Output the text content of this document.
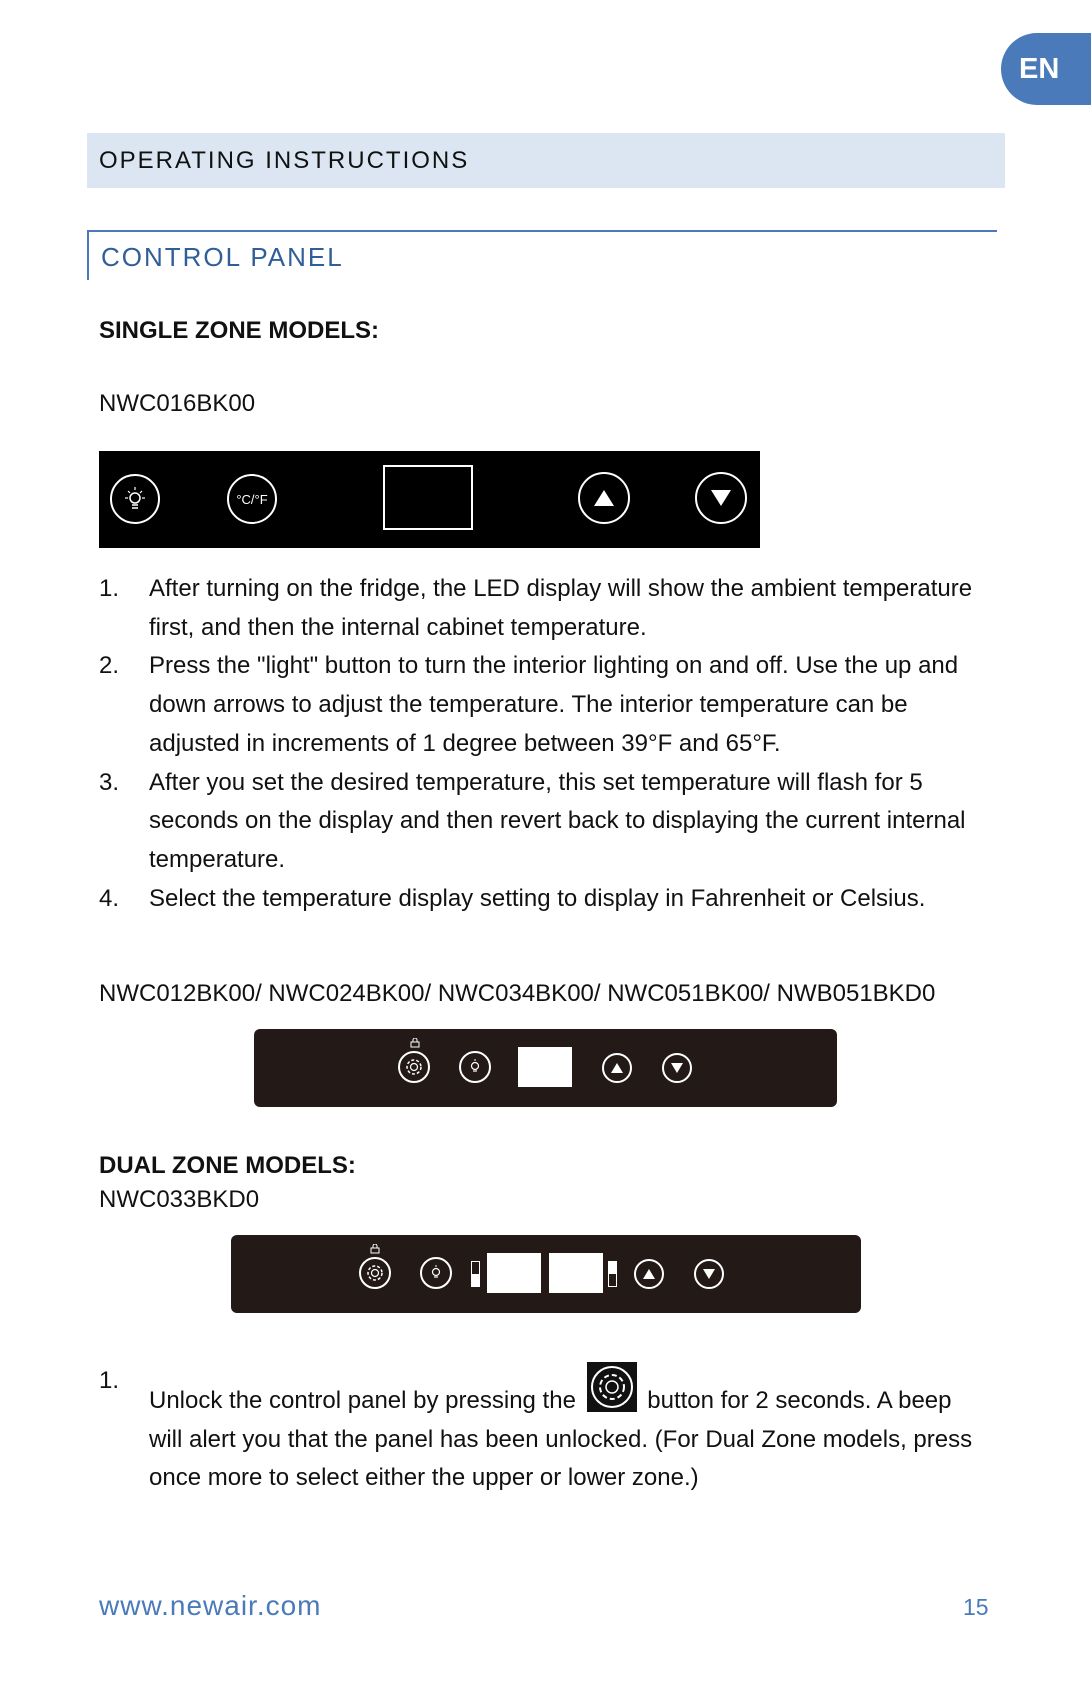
EN
OPERATING INSTRUCTIONS
CONTROL PANEL
SINGLE ZONE MODELS:
NWC016BK00
°C/°F
1. After turning on the fridge, the LED display will show the ambient temperature first, and then the internal cabinet temperature.
2. Press the "light" button to turn the interior lighting on and off. Use the up and down arrows to adjust the temperature. The interior temperature can be adjusted in increments of 1 degree between 39°F and 65°F.
3. After you set the desired temperature, this set temperature will flash for 5 seconds on the display and then revert back to displaying the current internal temperature.
4. Select the temperature display setting to display in Fahrenheit or Celsius.
NWC012BK00/ NWC024BK00/ NWC034BK00/ NWC051BK00/ NWB051BKD0
DUAL ZONE MODELS:
NWC033BKD0
1.
Unlock the control panel by pressing the	button for 2 seconds. A beep will alert you that the panel has been unlocked. (For Dual Zone models, press once more to select either the upper or lower zone.)
www.newair.com	15
